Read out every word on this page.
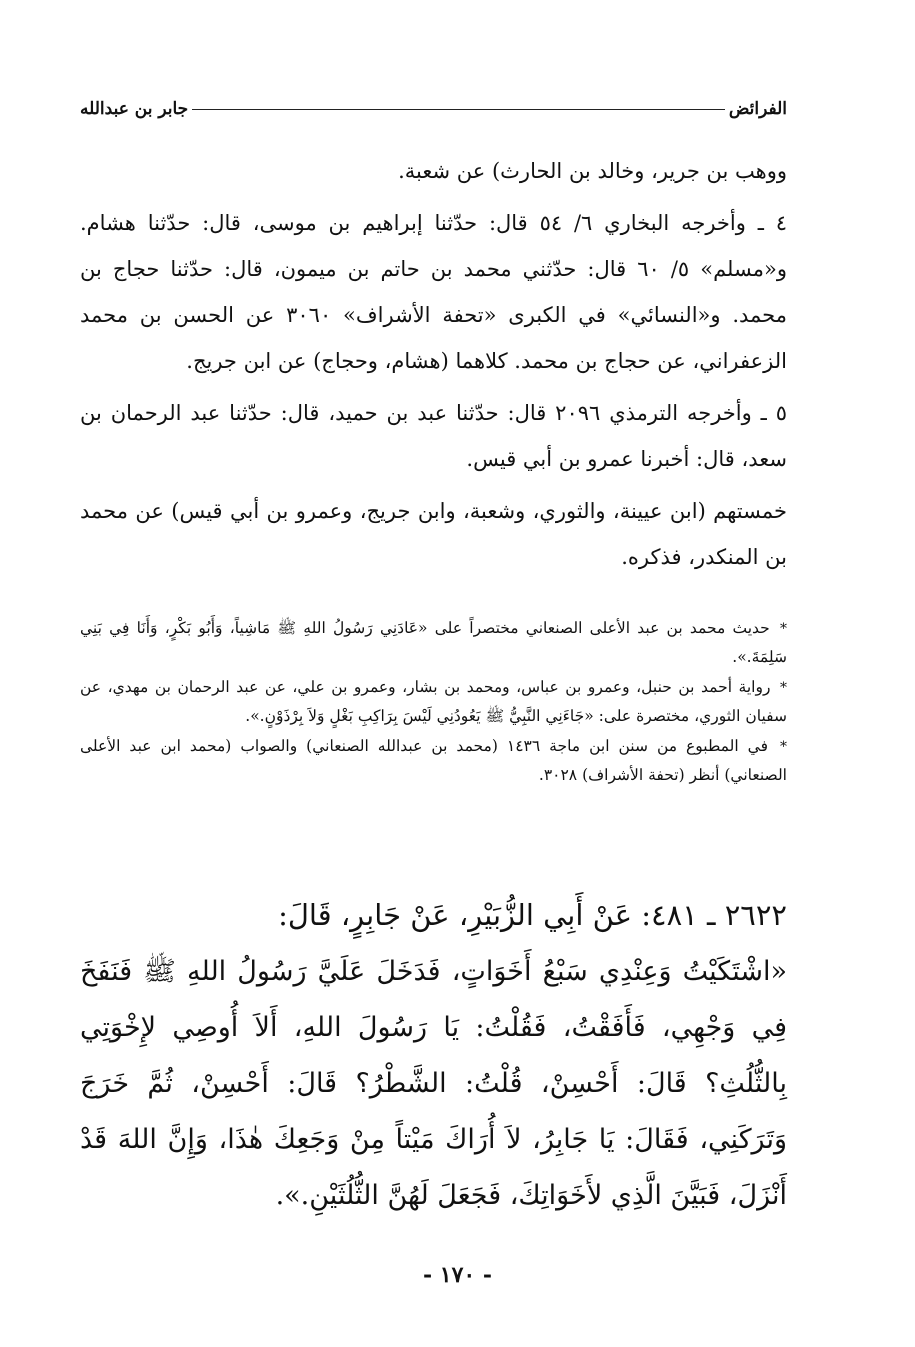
الفرائض
جابر بن عبدالله

ووهب بن جرير، وخالد بن الحارث) عن شعبة.

٤ ـ وأخرجه البخاري ٦/ ٥٤ قال: حدّثنا إبراهيم بن موسى، قال: حدّثنا هشام. و«مسلم» ٥/ ٦٠ قال: حدّثني محمد بن حاتم بن ميمون، قال: حدّثنا حجاج بن محمد. و«النسائي» في الكبرى «تحفة الأشراف» ٣٠٦٠ عن الحسن بن محمد الزعفراني، عن حجاج بن محمد. كلاهما (هشام، وحجاج) عن ابن جريج.

٥ ـ وأخرجه الترمذي ٢٠٩٦ قال: حدّثنا عبد بن حميد، قال: حدّثنا عبد الرحمان بن سعد، قال: أخبرنا عمرو بن أبي قيس.

خمستهم (ابن عيينة، والثوري، وشعبة، وابن جريج، وعمرو بن أبي قيس) عن محمد بن المنكدر، فذكره.

* حديث محمد بن عبد الأعلى الصنعاني مختصراً على «عَادَنِي رَسُولُ اللهِ ﷺ مَاشِياً، وَأَبُو بَكْرٍ، وَأَنَا فِي بَنِي سَلِمَةَ.».

* رواية أحمد بن حنبل، وعمرو بن عباس، ومحمد بن بشار، وعمرو بن علي، عن عبد الرحمان بن مهدي، عن سفيان الثوري، مختصرة على: «جَاءَنِي النَّبِيُّ ﷺ يَعُودُنِي لَيْسَ بِرَاكِبِ بَغْلٍ وَلاَ بِرْذَوْنٍ.».

* في المطبوع من سنن ابن ماجة ١٤٣٦ (محمد بن عبدالله الصنعاني) والصواب (محمد ابن عبد الأعلى الصنعاني) أنظر (تحفة الأشراف) ٣٠٢٨.

٢٦٢٢ ـ ٤٨١: عَنْ أَبِي الزُّبَيْرِ، عَنْ جَابِرٍ، قَالَ:
«اشْتَكَيْتُ وَعِنْدِي سَبْعُ أَخَوَاتٍ، فَدَخَلَ عَلَيَّ رَسُولُ اللهِ ﷺ فَنَفَخَ فِي وَجْهِي، فَأَفَقْتُ، فَقُلْتُ: يَا رَسُولَ اللهِ، أَلاَ أُوصِي لإِخْوَتِي بِالثُّلُثِ؟ قَالَ: أَحْسِنْ، قُلْتُ: الشَّطْرُ؟ قَالَ: أَحْسِنْ، ثُمَّ خَرَجَ وَتَرَكَنِي، فَقَالَ: يَا جَابِرُ، لاَ أُرَاكَ مَيْتاً مِنْ وَجَعِكَ هٰذَا، وَإِنَّ اللهَ قَدْ أَنْزَلَ، فَبَيَّنَ الَّذِي لأَخَوَاتِكَ، فَجَعَلَ لَهُنَّ الثُّلُثَيْنِ.».
- ١٧٠ -
